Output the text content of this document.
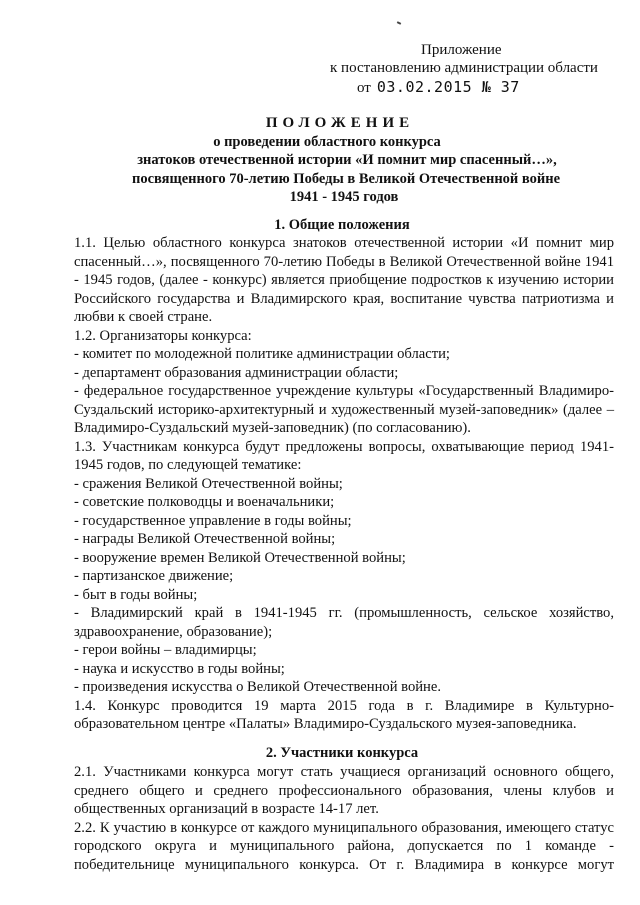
Приложение
к постановлению администрации области
от 03.02.2015 № 37
ПОЛОЖЕНИЕ
о проведении областного конкурса
знатоков отечественной истории «И помнит мир спасенный…»,
посвященного 70-летию Победы в Великой Отечественной войне
1941 - 1945 годов
1. Общие положения

1.1. Целью областного конкурса знатоков отечественной истории «И помнит мир спасенный…», посвященного 70-летию Победы в Великой Отечественной войне 1941 - 1945 годов, (далее - конкурс) является приобщение подростков к изучению истории Российского государства и Владимирского края, воспитание чувства патриотизма и любви к своей стране.

1.2. Организаторы конкурса:

- комитет по молодежной политике администрации области;

- департамент образования администрации области;

- федеральное государственное учреждение культуры «Государственный Владимиро-Суздальский историко-архитектурный и художественный музей-заповедник» (далее – Владимиро-Суздальский музей-заповедник) (по согласованию).

1.3. Участникам конкурса будут предложены вопросы, охватывающие период 1941-1945 годов, по следующей тематике:

- сражения Великой Отечественной войны;

- советские полководцы и военачальники;

- государственное управление в годы войны;

- награды Великой Отечественной войны;

- вооружение времен Великой Отечественной войны;

- партизанское движение;

- быт в годы войны;

- Владимирский край в 1941-1945 гг. (промышленность, сельское хозяйство, здравоохранение, образование);

- герои войны – владимирцы;

- наука и искусство в годы войны;

- произведения искусства о Великой Отечественной войне.

1.4. Конкурс проводится 19 марта 2015 года в г. Владимире в Культурно-образовательном центре «Палаты» Владимиро-Суздальского музея-заповедника.

2. Участники конкурса

2.1. Участниками конкурса могут стать учащиеся организаций основного общего, среднего общего и среднего профессионального образования, члены клубов и общественных организаций в возрасте 14-17 лет.

2.2. К участию в конкурсе от каждого муниципального образования, имеющего статус городского округа и муниципального района, допускается по 1 команде - победительнице муниципального конкурса. От г. Владимира в конкурсе могут
